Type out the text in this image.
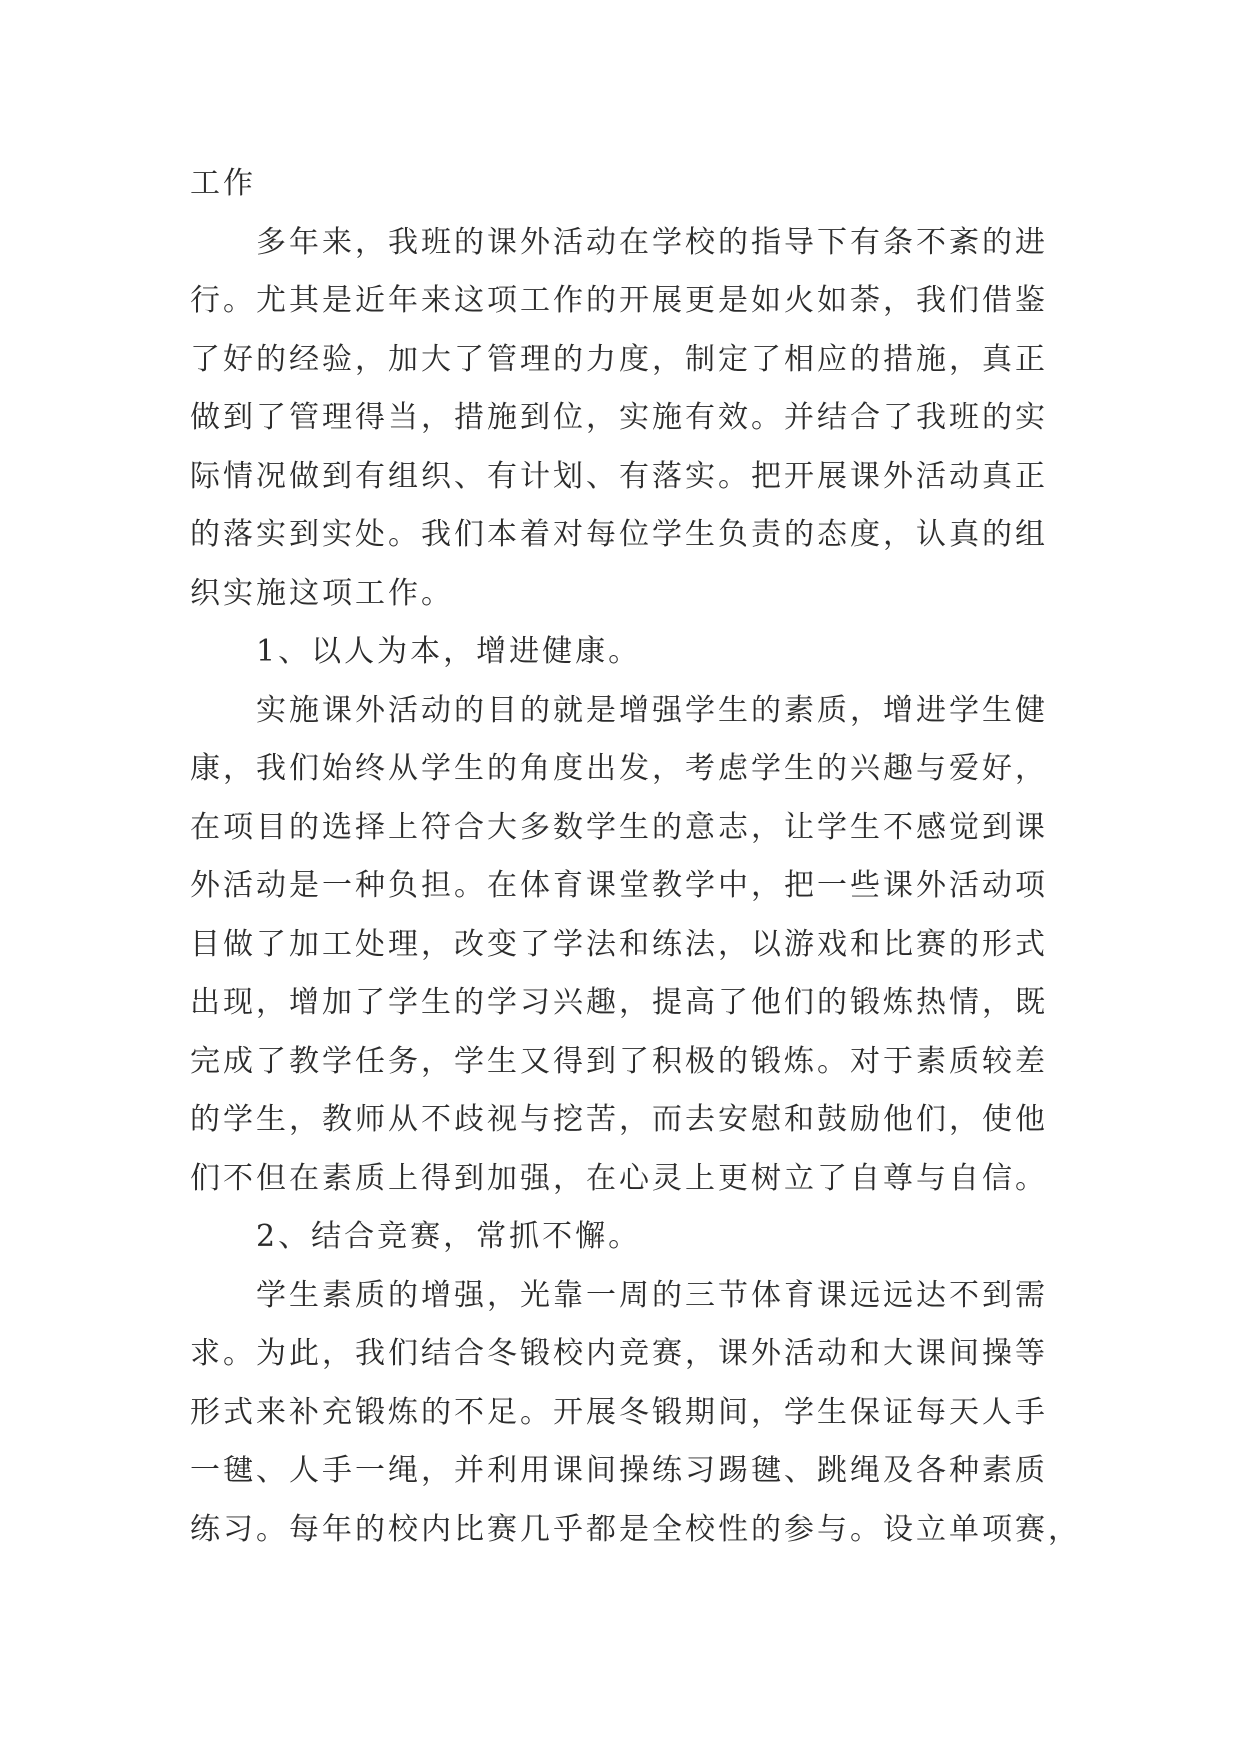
工作
多年来，我班的课外活动在学校的指导下有条不紊的进
行。尤其是近年来这项工作的开展更是如火如荼，我们借鉴
了好的经验，加大了管理的力度，制定了相应的措施，真正
做到了管理得当，措施到位，实施有效。并结合了我班的实
际情况做到有组织、有计划、有落实。把开展课外活动真正
的落实到实处。我们本着对每位学生负责的态度，认真的组
织实施这项工作。
1、以人为本，增进健康。
实施课外活动的目的就是增强学生的素质，增进学生健
康，我们始终从学生的角度出发，考虑学生的兴趣与爱好，
在项目的选择上符合大多数学生的意志，让学生不感觉到课
外活动是一种负担。在体育课堂教学中，把一些课外活动项
目做了加工处理，改变了学法和练法，以游戏和比赛的形式
出现，增加了学生的学习兴趣，提高了他们的锻炼热情，既
完成了教学任务，学生又得到了积极的锻炼。对于素质较差
的学生，教师从不歧视与挖苦，而去安慰和鼓励他们，使他
们不但在素质上得到加强，在心灵上更树立了自尊与自信。
2、结合竞赛，常抓不懈。
学生素质的增强，光靠一周的三节体育课远远达不到需
求。为此，我们结合冬锻校内竞赛，课外活动和大课间操等
形式来补充锻炼的不足。开展冬锻期间，学生保证每天人手
一毽、人手一绳，并利用课间操练习踢毽、跳绳及各种素质
练习。每年的校内比赛几乎都是全校性的参与。设立单项赛，
